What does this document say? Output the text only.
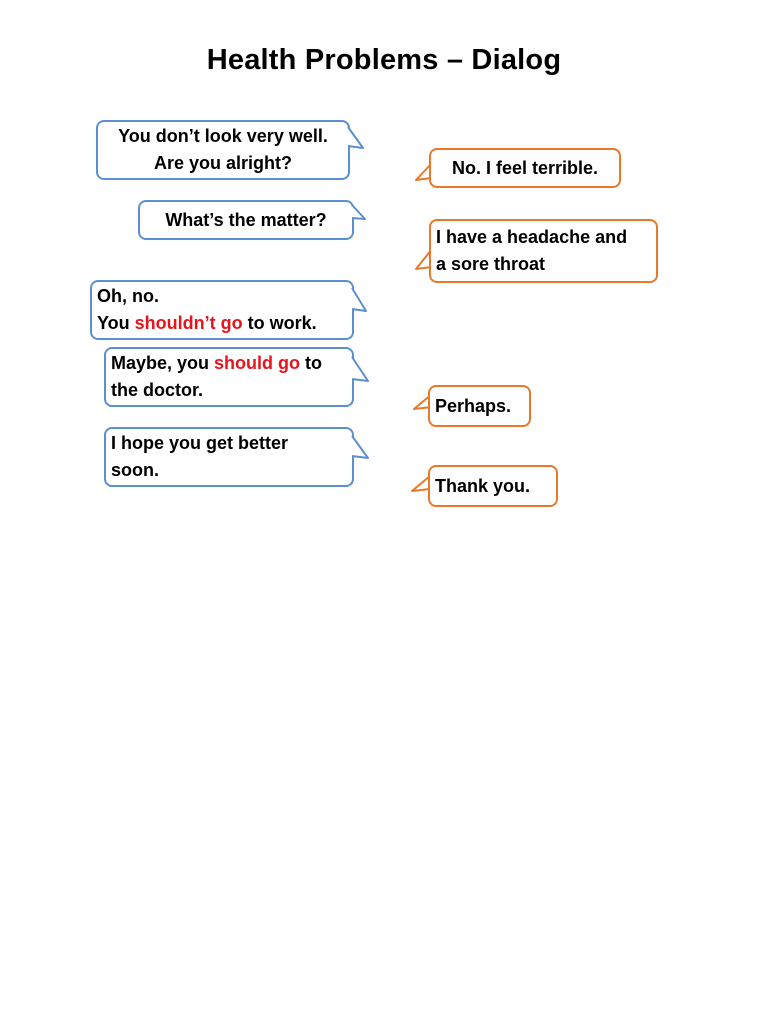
Health Problems – Dialog
You don’t look very well.
Are you alright?
What’s the matter?
Oh, no.
You shouldn’t go to work.
Maybe, you should go to
the doctor.
I hope you get better
soon.
No. I feel terrible.
I have a headache and
a sore throat
Perhaps.
Thank you.
